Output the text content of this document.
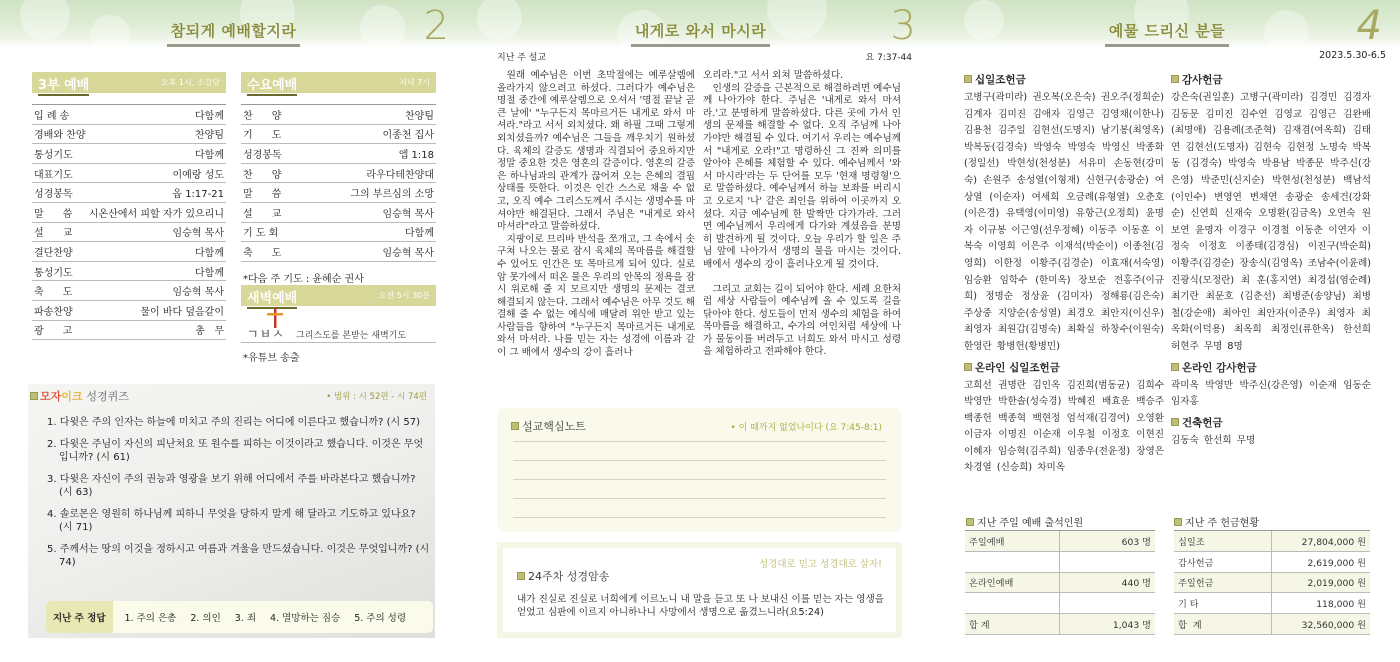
참되게 예배할지라	2
3부 예배	오후 1시, 소강당
입 례 송	다함께
경배와 찬양	찬양팀
통성기도	다함께
대표기도	이예랑 성도
성경봉독	옵 1:17-21
말      씀 시온산에서 피할 자가 있으리니
설      교	임승혁 목사
결단찬양	다함께
통성기도	다함께
축      도	임승혁 목사
파송찬양	물이 바다 덮음같이
광      고	총   무
수요예배	저녁 7시
찬      양	찬양팀
기      도	이종천 집사
성경봉독	엡 1:18
찬      양	라우다테찬양대
말      씀	그의 부르심의 소망
설      교	임승혁 목사
기 도 회	다함께
축      도	임승혁 목사
*다음 주 기도 : 윤혜순 권사
새벽예배	오전 5시 30분
ㄱㅂㅅ 그리스도를 본받는 새벽기도
*유튜브 송출
모자이크 성경퀴즈	• 범위 : 시 52편 - 시 74편
1. 다윗은 주의 인자는 하늘에 미치고 주의 진리는 어디에 이른다고 했습니까? (시 57)
2. 다윗은 주님이 자신의 피난처요 또 원수를 피하는 이것이라고 했습니다. 이것은 무엇입니까? (시 61)
3. 다윗은 자신이 주의 권능과 영광을 보기 위해 어디에서 주를 바라본다고 했습니까? (시 63)
4. 솔로몬은 영원히 하나님께 피하니 무엇을 당하지 말게 해 달라고 기도하고 있나요? (시 71)
5. 주께서는 땅의 이것을 정하시고 여름과 겨울을 만드셨습니다. 이것은 무엇입니까? (시 74)
지난 주 정답	1. 주의 은총 2. 의인 3. 죄 4. 멸망하는 짐승 5. 주의 성령
내게로 와서 마시라	3
지난 주 설교	요 7:37-44

원래 예수님은 이번 초막절에는 예루살렘에 올라가지 않으려고 하셨다. 그러다가 예수님은 명절 중간에 예루살렘으로 오셔서 '명절 끝날 곧 큰 날에' "누구든지 목마르거든 내게로 와서 마셔라."라고 서서 외치셨다. 왜 하필 그때 그렇게 외치셨을까? 예수님은 그들을 깨우치기 원하셨다. 육체의 갈증도 생명과 직결되어 중요하지만 정말 중요한 것은 영혼의 갈증이다. 영혼의 갈증은 하나님과의 관계가 끊어져 오는 은혜의 결핍 상태를 뜻한다. 이것은 인간 스스로 채울 수 없고, 오직 예수 그리스도께서 주시는 생명수를 마셔야만 해결된다. 그래서 주님은 "내게로 와서 마셔라"라고 말씀하셨다.

지팡이로 므리바 반석을 쪼개고, 그 속에서 솟구쳐 나오는 물로 잠시 육체의 목마름을 해결할 수 있어도 인간은 또 목마르게 되어 있다. 실로암 못가에서 떠온 물은 우리의 안목의 정욕을 잠시 위로해 줄 지 모르지만 생명의 문제는 결코 해결되지 않는다. 그래서 예수님은 아무 것도 해결해 줄 수 없는 예식에 매달려 위안 받고 있는 사람들을 향하여 "누구든지 목마르거든 내게로 와서 마셔라. 나를 믿는 자는 성경에 이름과 같이 그 배에서 생수의 강이 흘러나

오리라."고 서서 외쳐 말씀하셨다.

인생의 갈증을 근본적으로 해결하려면 예수님께 나아가야 한다. 주님은 '내게로 와서 마셔라.'고 분명하게 말씀하셨다. 다른 곳에 가서 인생의 문제를 해결할 수 없다. 오직 주님께 나아가야만 해결될 수 있다. 여기서 우리는 예수님께서 "내게로 오라!"고 명령하신 그 진짜 의미를 알아야 은혜를 체험할 수 있다. 예수님께서 '와서 마시라'라는 두 단어를 모두 '현재 명령형'으로 말씀하셨다. 예수님께서 하늘 보좌를 버리시고 오로지 '나' 같은 죄인을 위하여 이곳까지 오셨다. 지금 예수님께 한 발짝만 다가가라. 그러면 예수님께서 우리에게 다가와 계셨음을 분명히 발견하게 될 것이다. 오늘 우리가 할 일은 주님 앞에 나아가서 생명의 물을 마시는 것이다. 배에서 생수의 강이 흘러나오게 될 것이다.

그리고 교회는 길이 되어야 한다. 세례 요한처럼 세상 사람들이 예수님께 올 수 있도록 길을 닦아야 한다. 성도들이 먼저 생수의 체험을 하여 목마름을 해결하고, 수가의 여인처럼 세상에 나가 물동이를 버려두고 너희도 와서 마시고 성령을 체험하라고 전파해야 한다.

설교핵심노트	• 이 때까지 없었나이다 (요 7:45-8:1)
24주차 성경암송
성경대로 믿고 성경대로 살자!
내가 진실로 진실로 너희에게 이르노니 내 말을 듣고 또 나 보내신 이를 믿는 자는 영생을 얻었고 심판에 이르지 아니하나니 사망에서 생명으로 옮겼느니라(요5:24)
예물 드리신 분들	4
2023.5.30-6.5
십일조헌금
고병구(곽미라) 권오복(오은숙) 권오주(정희순) 김계자 김미진 김애자 김영근 김영채(이한나) 김용천 김주일 김현선(도명지) 남기봉(최영옥) 박복동(김경숙) 박영숙 박영숙 박영신 박종화 (정일선) 박현성(천성분) 서유미 손동현(강미숙) 손원주 송성열(이형재) 신현구(송광순) 여상열 (이순자) 여세희 오금례(유형열) 오춘호(이은경) 유택영(이미영) 유항근(오정희) 윤명자 이규봉 이근영(선우정혜) 이동주 이동훈 이복숙 이영희 이은주 이재석(박순이) 이종천(김영희) 이한정 이황주(김경순) 이효재(서숙영) 임승환 임학수 (한미옥) 장보순 전홍주(이규희) 정명순 정상윤 (김미자) 정해룡(김은숙) 주상중 지양순(송성열) 최경오 최안지(이신우) 최영자 최원갑(김명숙) 최확실 하창수(이원숙) 한영란 황병헌(황병민)
온라인 십일조헌금
고희선 권명란 김인옥 김진희(범동균) 김희수 박영만 박한솔(성숙경) 박혜진 배효운 백승주 백종헌 백종혁 백현정 엄석재(김경여) 오영환 이금자 이명진 이순재 이우철 이정호 이현진 이혜자 임승혁(김주희) 임종우(전윤정) 장영은 차경열 (신승희) 차미옥
감사헌금
강은숙(권일훈) 고병구(곽미라) 김경민 김경자 김동문 김미진 김수연 김영교 김영근 김완배 (최명애) 김용례(조준혁) 김재겸(여옥희) 김태연 김현선(도명자) 김현숙 김현정 노명숙 박복동 (김경숙) 박영숙 박용남 박종문 박주신(강은영) 박준민(신지순) 박현성(천성분) 백남석(이인수) 변영연 변채연 송광순 송세건(강화순) 신연희 신재숙 오명환(김금옥) 오연숙 원보연 윤명자 이경구 이경철 이동춘 이연자 이정숙 이정호 이종태(김경심) 이진구(박순희) 이황주(김경순) 장송식(김영옥) 조남수(이윤례) 진광식(모정란) 최 훈(홍지연) 최경섭(염순례) 최기란 최문호 (김춘선) 최병준(송양님) 최병철(강순애) 최아인 최안자(이준우) 최영자 최옥화(이덕용) 최옥희 최정인(류한옥) 한선희 허현주 무명 8명
온라인 감사헌금
곽미옥 박영만 박주신(강은영) 이순재 임동순 임자홍
건축헌금
김동숙 한선희 무명
지난 주일 예배 출석인원
주일예배	603 명
온라인예배	440 명
합 계	1,043 명
지난 주 헌금현황
십일조	27,804,000 원
감사헌금	2,619,000 원
주일헌금	2,019,000 원
기 타	118,000 원
합  계	32,560,000 원
